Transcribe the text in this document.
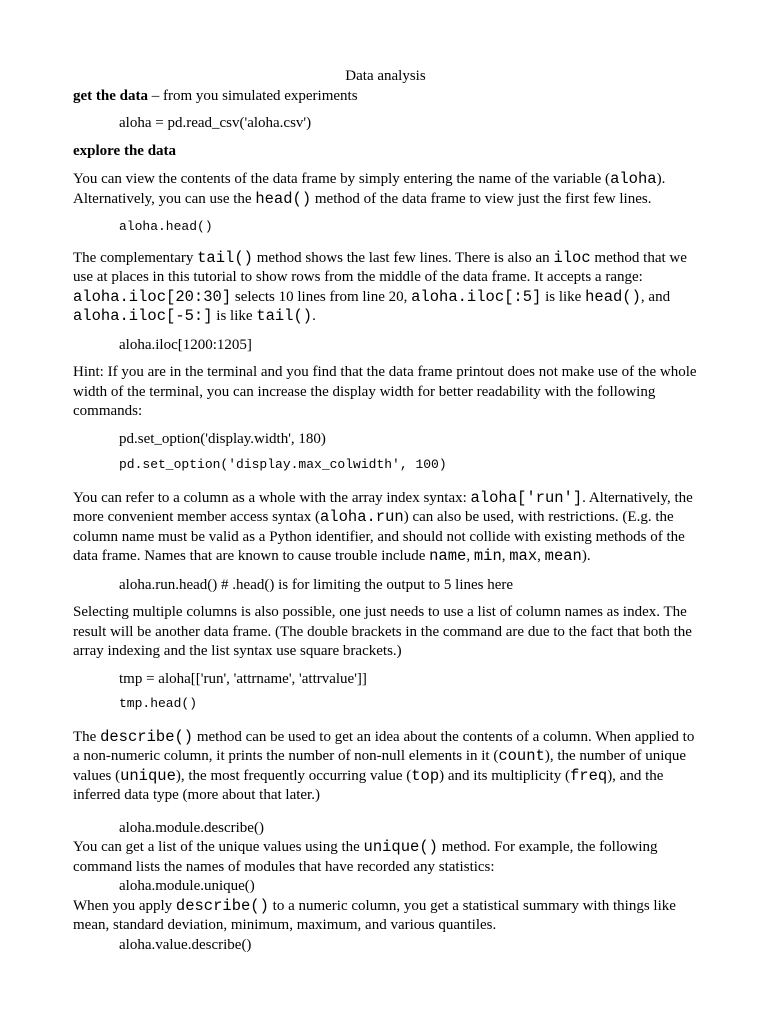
Data analysis

get the data – from you simulated experiments

aloha = pd.read_csv('aloha.csv')

explore the data

You can view the contents of the data frame by simply entering the name of the variable (aloha). Alternatively, you can use the head() method of the data frame to view just the first few lines.

aloha.head()

The complementary tail() method shows the last few lines. There is also an iloc method that we use at places in this tutorial to show rows from the middle of the data frame. It accepts a range: aloha.iloc[20:30] selects 10 lines from line 20, aloha.iloc[:5] is like head(), and aloha.iloc[-5:] is like tail().

aloha.iloc[1200:1205]

Hint: If you are in the terminal and you find that the data frame printout does not make use of the whole width of the terminal, you can increase the display width for better readability with the following commands:

pd.set_option('display.width', 180)

pd.set_option('display.max_colwidth', 100)

You can refer to a column as a whole with the array index syntax: aloha['run']. Alternatively, the more convenient member access syntax (aloha.run) can also be used, with restrictions. (E.g. the column name must be valid as a Python identifier, and should not collide with existing methods of the data frame. Names that are known to cause trouble include name, min, max, mean).

aloha.run.head() # .head() is for limiting the output to 5 lines here

Selecting multiple columns is also possible, one just needs to use a list of column names as index. The result will be another data frame. (The double brackets in the command are due to the fact that both the array indexing and the list syntax use square brackets.)

tmp = aloha[['run', 'attrname', 'attrvalue']]

tmp.head()

The describe() method can be used to get an idea about the contents of a column. When applied to a non-numeric column, it prints the number of non-null elements in it (count), the number of unique values (unique), the most frequently occurring value (top) and its multiplicity (freq), and the inferred data type (more about that later.)

aloha.module.describe()

You can get a list of the unique values using the unique() method. For example, the following command lists the names of modules that have recorded any statistics:

aloha.module.unique()

When you apply describe() to a numeric column, you get a statistical summary with things like mean, standard deviation, minimum, maximum, and various quantiles.

aloha.value.describe()
